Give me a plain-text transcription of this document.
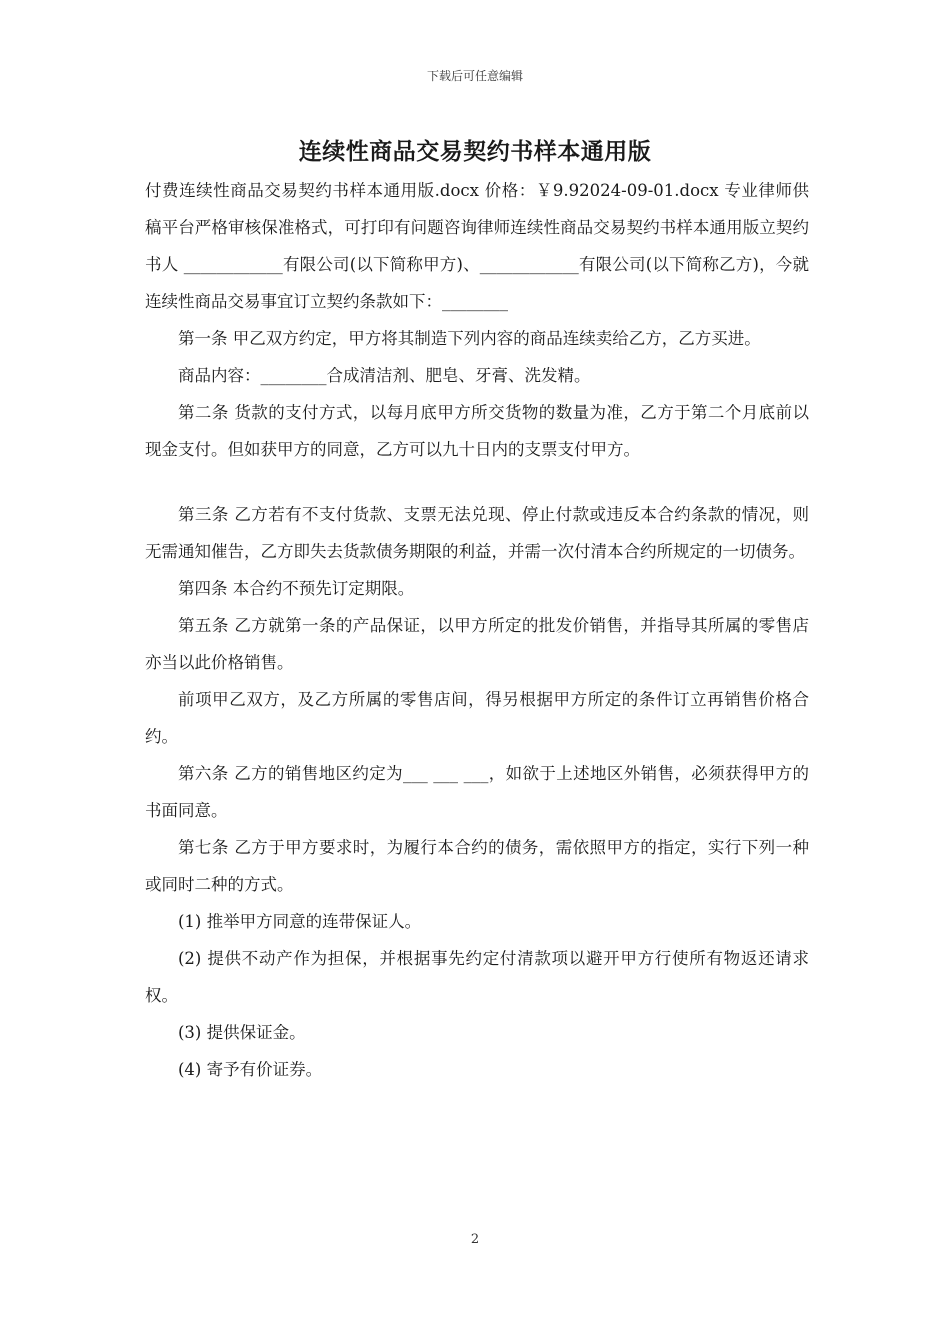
下载后可任意编辑
连续性商品交易契约书样本通用版

付费连续性商品交易契约书样本通用版.docx 价格：￥9.92024-09-01.docx 专业律师供稿平台严格审核保准格式，可打印有问题咨询律师连续性商品交易契约书样本通用版立契约书人 ____________有限公司(以下简称甲方)、____________有限公司(以下简称乙方)，今就连续性商品交易事宜订立契约条款如下：________

第一条 甲乙双方约定，甲方将其制造下列内容的商品连续卖给乙方，乙方买进。

商品内容：________合成清洁剂、肥皂、牙膏、洗发精。

第二条 货款的支付方式，以每月底甲方所交货物的数量为准，乙方于第二个月底前以现金支付。但如获甲方的同意，乙方可以九十日内的支票支付甲方。

第三条 乙方若有不支付货款、支票无法兑现、停止付款或违反本合约条款的情况，则无需通知催告，乙方即失去货款债务期限的利益，并需一次付清本合约所规定的一切债务。

第四条 本合约不预先订定期限。

第五条 乙方就第一条的产品保证，以甲方所定的批发价销售，并指导其所属的零售店亦当以此价格销售。

前项甲乙双方，及乙方所属的零售店间，得另根据甲方所定的条件订立再销售价格合约。

第六条 乙方的销售地区约定为___ ___ ___，如欲于上述地区外销售，必须获得甲方的书面同意。

第七条 乙方于甲方要求时，为履行本合约的债务，需依照甲方的指定，实行下列一种或同时二种的方式。

(1) 推举甲方同意的连带保证人。

(2) 提供不动产作为担保，并根据事先约定付清款项以避开甲方行使所有物返还请求权。

(3) 提供保证金。

(4) 寄予有价证券。

2
